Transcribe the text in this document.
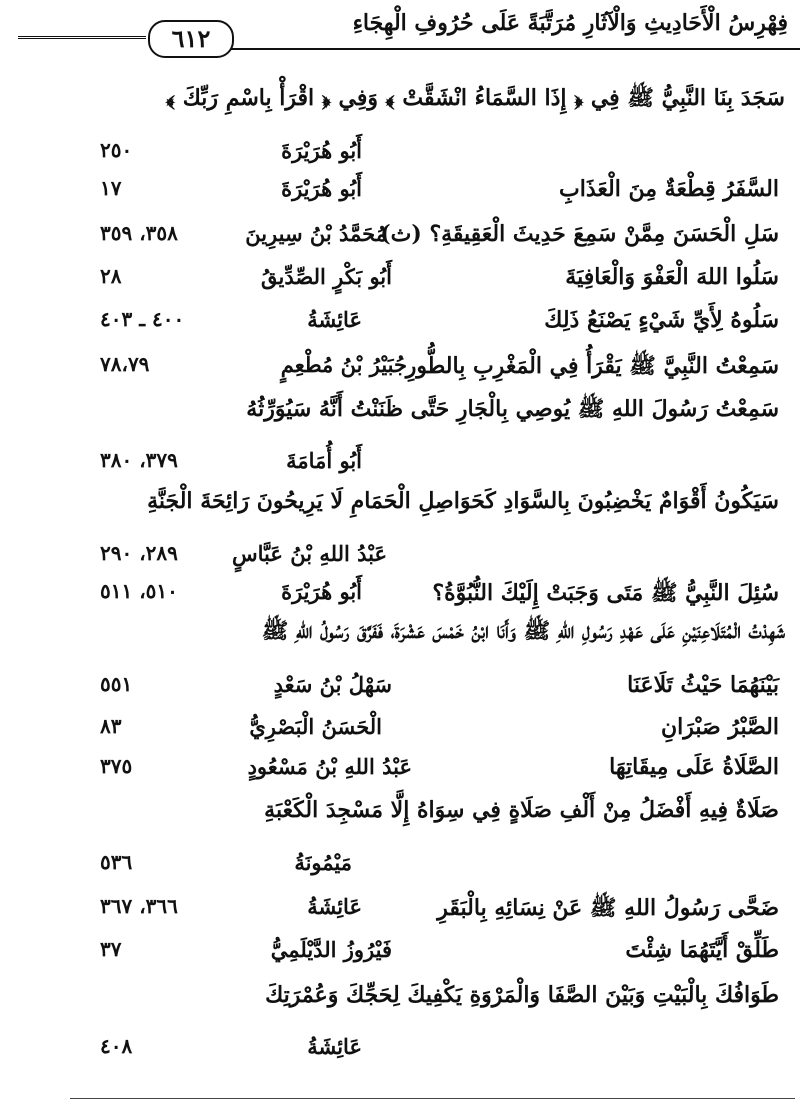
٦١٢
فِهْرِسُ الْأَحَادِيثِ وَالْآثَارِ مُرَتَّبَةً عَلَى حُرُوفِ الْهِجَاءِ
سَجَدَ بِنَا النَّبِيُّ ﷺ فِي ﴿ إِذَا السَّمَاءُ انْشَقَّتْ ﴾ وَفِي ﴿ اقْرَأْ بِاسْمِ رَبِّكَ ﴾
أَبُو هُرَيْرَةَ
٢٥٠
السَّفَرُ قِطْعَةٌ مِنَ الْعَذَابِ
أَبُو هُرَيْرَةَ
١٧
سَلِ الْحَسَنَ مِمَّنْ سَمِعَ حَدِيثَ الْعَقِيقَةِ؟ (ث)
مُحَمَّدُ بْنُ سِيرِينَ
٣٥٨، ٣٥٩
سَلُوا اللهَ الْعَفْوَ وَالْعَافِيَةَ
أَبُو بَكْرٍ الصِّدِّيقُ
٢٨
سَلُوهُ لِأَيِّ شَيْءٍ يَصْنَعُ ذَلِكَ
عَائِشَةُ
٤٠٠ ـ ٤٠٣
سَمِعْتُ النَّبِيَّ ﷺ يَقْرَأُ فِي الْمَغْرِبِ بِالطُّورِ
جُبَيْرُ بْنُ مُطْعِمٍ
٧٨،٧٩
سَمِعْتُ رَسُولَ اللهِ ﷺ يُوصِي بِالْجَارِ حَتَّى ظَنَنْتُ أَنَّهُ سَيُوَرِّثُهُ
أَبُو أُمَامَةَ
٣٧٩، ٣٨٠
سَيَكُونُ أَقْوَامٌ يَخْضِبُونَ بِالسَّوَادِ كَحَوَاصِلِ الْحَمَامِ لَا يَرِيحُونَ رَائِحَةَ الْجَنَّةِ
عَبْدُ اللهِ بْنُ عَبَّاسٍ
٢٨٩، ٢٩٠
سُئِلَ النَّبِيُّ ﷺ مَتَى وَجَبَتْ إِلَيْكَ النُّبُوَّةُ؟
أَبُو هُرَيْرَةَ
٥١٠، ٥١١
شَهِدْتُ الْمُتَلَاعِنَيْنِ عَلَى عَهْدِ رَسُولِ اللهِ ﷺ وَأَنَا ابْنُ خَمْسَ عَشْرَةَ، فَفَرَّقَ رَسُولُ اللهِ ﷺ
بَيْنَهُمَا حَيْثُ تَلَاعَنَا
سَهْلُ بْنُ سَعْدٍ
٥٥١
الصَّبْرُ صَبْرَانِ
الْحَسَنُ الْبَصْرِيُّ
٨٣
الصَّلَاةُ عَلَى مِيقَاتِهَا
عَبْدُ اللهِ بْنُ مَسْعُودٍ
٣٧٥
صَلَاةٌ فِيهِ أَفْضَلُ مِنْ أَلْفِ صَلَاةٍ فِي سِوَاهُ إِلَّا مَسْجِدَ الْكَعْبَةِ
مَيْمُونَةُ
٥٣٦
ضَحَّى رَسُولُ اللهِ ﷺ عَنْ نِسَائِهِ بِالْبَقَرِ
عَائِشَةُ
٣٦٦، ٣٦٧
طَلِّقْ أَيَّتَهُمَا شِئْتَ
فَيْرُوزُ الدَّيْلَمِيُّ
٣٧
طَوَافُكَ بِالْبَيْتِ وَبَيْنَ الصَّفَا وَالْمَرْوَةِ يَكْفِيكَ لِحَجِّكَ وَعُمْرَتِكَ
عَائِشَةُ
٤٠٨
